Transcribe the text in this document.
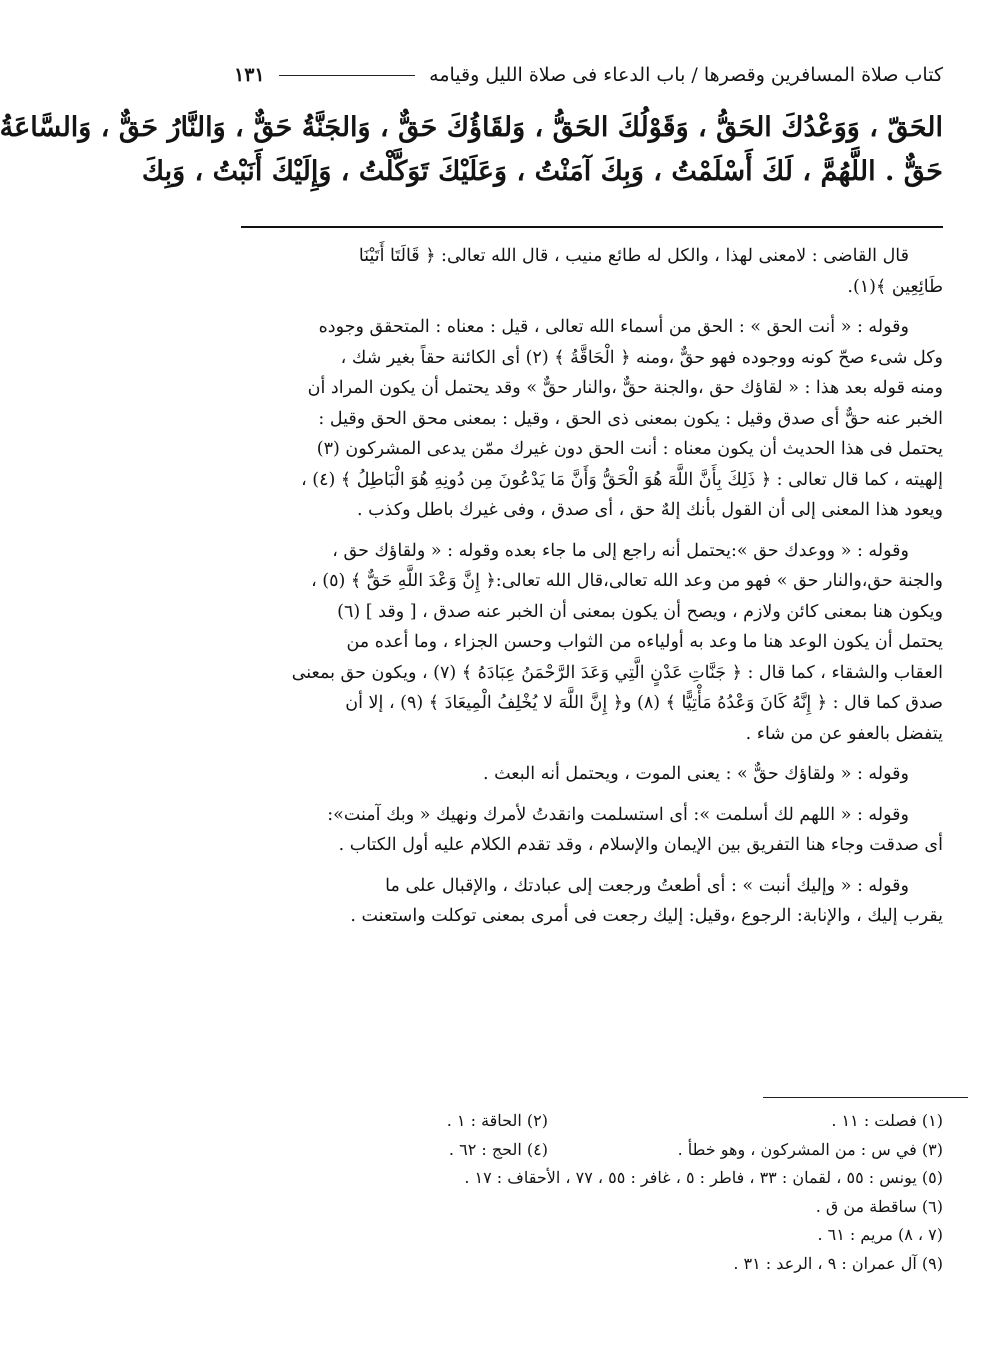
كتاب صلاة المسافرين وقصرها / باب الدعاء فى صلاة الليل وقيامه
١٣١

الحَقّ ، وَوَعْدُكَ الحَقُّ ، وَقَوْلُكَ الحَقُّ ، وَلقَاؤُكَ حَقٌّ ، وَالجَنَّةُ حَقٌّ ، وَالنَّارُ حَقٌّ ، وَالسَّاعَةُ

حَقٌّ . اللَّهُمَّ ، لَكَ أَسْلَمْتُ ، وَبِكَ آمَنْتُ ، وَعَلَيْكَ تَوَكَّلْتُ ، وَإِلَيْكَ أَنَبْتُ ، وَبِكَ

قال القاضى : لامعنى لهذا ، والكل له طائع منيب ، قال الله تعالى: ﴿ قَالَتَا أَتَيْنَا

طَائِعِين ﴾(١).

وقوله : « أنت الحق » : الحق من أسماء الله تعالى ، قيل : معناه : المتحقق وجوده

وكل شىء صحّ كونه ووجوده فهو حقٌّ ،ومنه ﴿ الْحَاقَّةُ ﴾ (٢) أى الكائنة حقاً بغير شك ،

ومنه قوله بعد هذا : « لقاؤك حق ،والجنة حقٌّ ،والنار حقٌّ » وقد يحتمل أن يكون المراد أن

الخبر عنه حقٌّ أى صدق وقيل : يكون بمعنى ذى الحق ، وقيل : بمعنى محق الحق وقيل :

يحتمل فى هذا الحديث أن يكون معناه : أنت الحق دون غيرك ممّن يدعى المشركون (٣)

إلهيته ، كما قال تعالى : ﴿ ذَلِكَ بِأَنَّ اللَّهَ هُوَ الْحَقُّ وَأَنَّ مَا يَدْعُونَ مِن دُونِهِ هُوَ الْبَاطِلُ ﴾ (٤) ،

ويعود هذا المعنى إلى أن القول بأنك إلهٌ حق ، أى صدق ، وفى غيرك باطل وكذب .

وقوله : « ووعدك حق »:يحتمل أنه راجع إلى ما جاء بعده وقوله : « ولقاؤك حق ،

والجنة حق،والنار حق » فهو من وعد الله تعالى،قال الله تعالى:﴿ إِنَّ وَعْدَ اللَّهِ حَقٌّ ﴾ (٥) ،

ويكون هنا بمعنى كائن ولازم ، ويصح أن يكون بمعنى أن الخبر عنه صدق ، [ وقد ] (٦)

يحتمل أن يكون الوعد هنا ما وعد به أولياءه من الثواب وحسن الجزاء ، وما أعده من

العقاب والشقاء ، كما قال : ﴿ جَنَّاتِ عَدْنٍ الَّتِي وَعَدَ الرَّحْمَنُ عِبَادَهُ ﴾ (٧) ، ويكون حق بمعنى

صدق كما قال : ﴿ إِنَّهُ كَانَ وَعْدُهُ مَأْتِيًّا ﴾ (٨) و﴿ إِنَّ اللَّهَ لا يُخْلِفُ الْمِيعَادَ ﴾ (٩) ، إلا أن

يتفضل بالعفو عن من شاء .

وقوله : « ولقاؤك حقٌّ » : يعنى الموت ، ويحتمل أنه البعث .

وقوله : « اللهم لك أسلمت »: أى استسلمت وانقدتُ لأمرك ونهيك « وبك آمنت»:

أى صدقت وجاء هنا التفريق بين الإيمان والإسلام ، وقد تقدم الكلام عليه أول الكتاب .

وقوله : « وإليك أنبت » : أى أطعتُ ورجعت إلى عبادتك ، والإقبال على ما

يقرب إليك ، والإنابة: الرجوع ،وقيل: إليك رجعت فى أمرى بمعنى توكلت واستعنت .

(١) فصلت : ١١ .
(٢) الحاقة : ١ .
(٣) في س : من المشركون ، وهو خطأ .
(٤) الحج : ٦٢ .
(٥) يونس : ٥٥ ، لقمان : ٣٣ ، فاطر : ٥ ، غافر : ٥٥ ، ٧٧ ، الأحقاف : ١٧ .
(٦) ساقطة من ق .
(٧ ، ٨) مريم : ٦١ .
(٩) آل عمران : ٩ ، الرعد : ٣١ .
